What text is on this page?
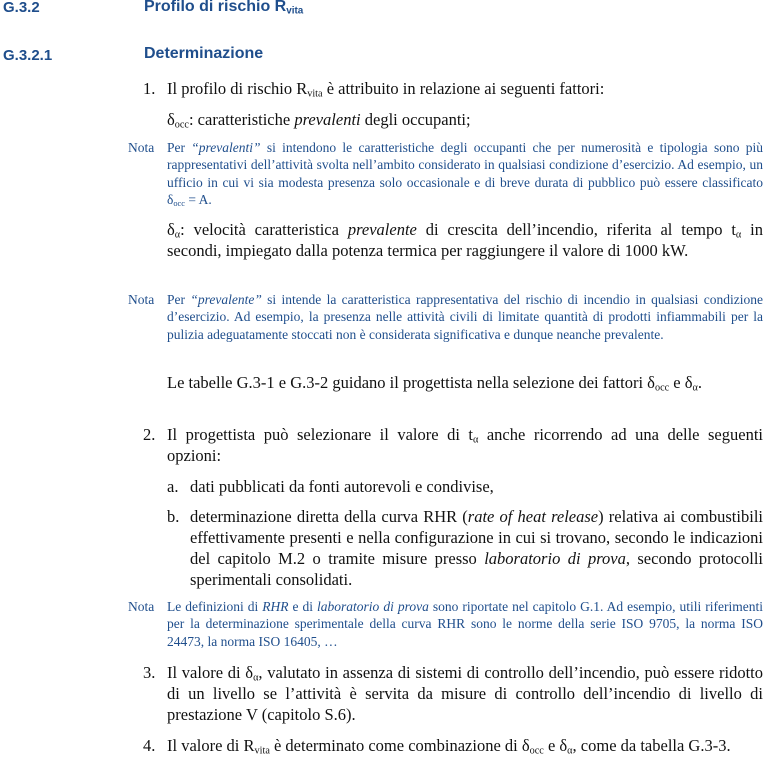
G.3.2	Profilo di rischio $R_{vita}$
G.3.2.1	Determinazione
1. Il profilo di rischio $R_{vita}$ è attribuito in relazione ai seguenti fattori:
$\delta_{occ}$: caratteristiche prevalenti degli occupanti;
Nota Per “prevalenti” si intendono le caratteristiche degli occupanti che per numerosità e tipologia sono più rappresentativi dell’attività svolta nell’ambito considerato in qualsiasi condizione d’esercizio. Ad esempio, un ufficio in cui vi sia modesta presenza solo occasionale e di breve durata di pubblico può essere classificato $\delta_{occ} = A$.
$\delta_\alpha$: velocità caratteristica prevalente di crescita dell’incendio, riferita al tempo $t_\alpha$ in secondi, impiegato dalla potenza termica per raggiungere il valore di 1000 kW.
Nota Per “prevalente” si intende la caratteristica rappresentativa del rischio di incendio in qualsiasi condizione d’esercizio. Ad esempio, la presenza nelle attività civili di limitate quantità di prodotti infiammabili per la pulizia adeguatamente stoccati non è considerata significativa e dunque neanche prevalente.
Le tabelle G.3-1 e G.3-2 guidano il progettista nella selezione dei fattori $\delta_{occ}$ e $\delta_\alpha$.
2. Il progettista può selezionare il valore di $t_\alpha$ anche ricorrendo ad una delle seguenti opzioni:
a. dati pubblicati da fonti autorevoli e condivise,
b. determinazione diretta della curva RHR (rate of heat release) relativa ai combustibili effettivamente presenti e nella configurazione in cui si trovano, secondo le indicazioni del capitolo M.2 o tramite misure presso laboratorio di prova, secondo protocolli sperimentali consolidati.
Nota Le definizioni di RHR e di laboratorio di prova sono riportate nel capitolo G.1. Ad esempio, utili riferimenti per la determinazione sperimentale della curva RHR sono le norme della serie ISO 9705, la norma ISO 24473, la norma ISO 16405, …
3. Il valore di $\delta_\alpha$, valutato in assenza di sistemi di controllo dell’incendio, può essere ridotto di un livello se l’attività è servita da misure di controllo dell’incendio di livello di prestazione V (capitolo S.6).
4. Il valore di $R_{vita}$ è determinato come combinazione di $\delta_{occ}$ e $\delta_\alpha$, come da tabella G.3-3.
